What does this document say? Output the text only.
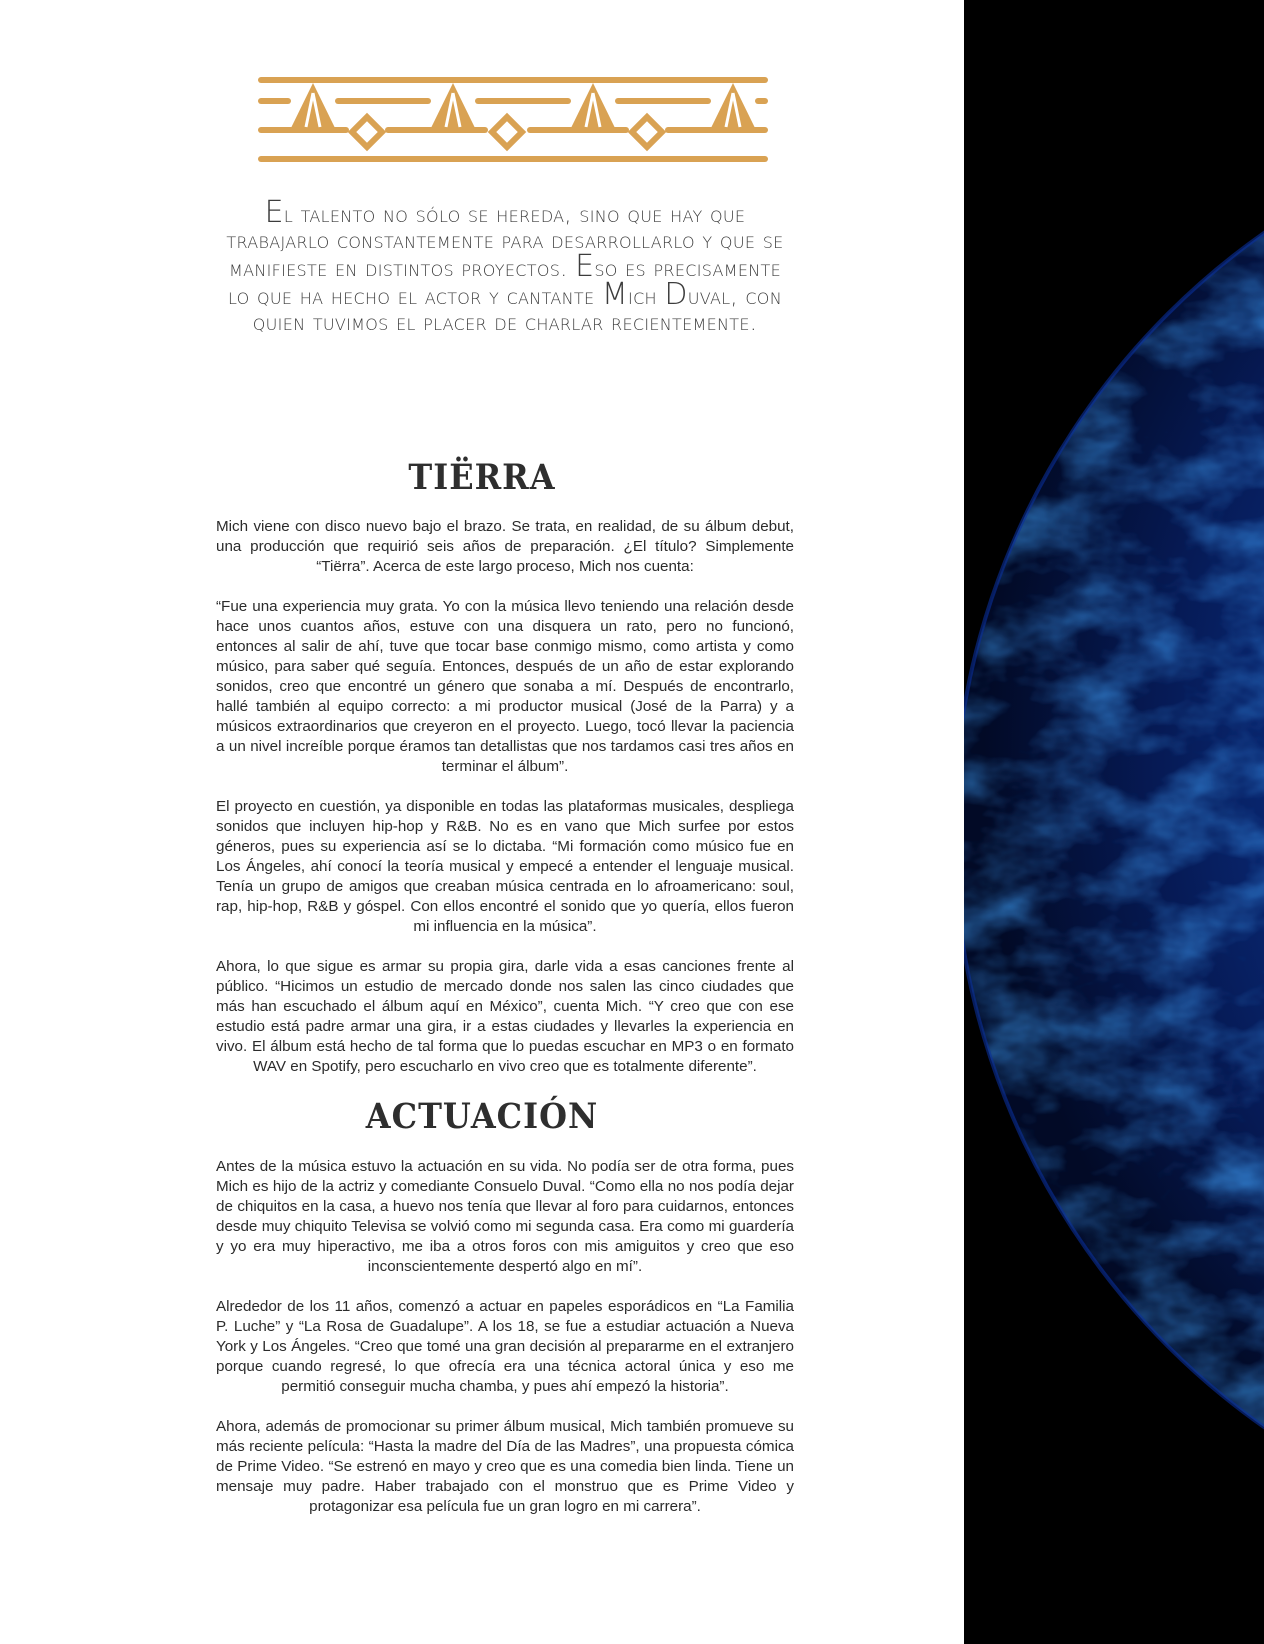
El talento no sólo se hereda, sino que hay que trabajarlo constantemente para desarrollarlo y que se manifieste en distintos proyectos. Eso es precisamente lo que ha hecho el actor y cantante Mich Duval, con quien tuvimos el placer de charlar recientemente.

TIËRRA

Mich viene con disco nuevo bajo el brazo. Se trata, en realidad, de su álbum debut, una producción que requirió seis años de preparación. ¿El título? Simplemente “Tiërra”. Acerca de este largo proceso, Mich nos cuenta:

“Fue una experiencia muy grata. Yo con la música llevo teniendo una relación desde hace unos cuantos años, estuve con una disquera un rato, pero no funcionó, entonces al salir de ahí, tuve que tocar base conmigo mismo, como artista y como músico, para saber qué seguía. Entonces, después de un año de estar explorando sonidos, creo que encontré un género que sonaba a mí. Después de encontrarlo, hallé también al equipo correcto: a mi productor musical (José de la Parra) y a músicos extraordinarios que creyeron en el proyecto. Luego, tocó llevar la paciencia a un nivel increíble porque éramos tan detallistas que nos tardamos casi tres años en terminar el álbum”.

El proyecto en cuestión, ya disponible en todas las plataformas musicales, despliega sonidos que incluyen hip-hop y R&B. No es en vano que Mich surfee por estos géneros, pues su experiencia así se lo dictaba. “Mi formación como músico fue en Los Ángeles, ahí conocí la teoría musical y empecé a entender el lenguaje musical. Tenía un grupo de amigos que creaban música centrada en lo afroamericano: soul, rap, hip-hop, R&B y góspel. Con ellos encontré el sonido que yo quería, ellos fueron mi influencia en la música”.

Ahora, lo que sigue es armar su propia gira, darle vida a esas canciones frente al público. “Hicimos un estudio de mercado donde nos salen las cinco ciudades que más han escuchado el álbum aquí en México”, cuenta Mich. “Y creo que con ese estudio está padre armar una gira, ir a estas ciudades y llevarles la experiencia en vivo. El álbum está hecho de tal forma que lo puedas escuchar en MP3 o en formato WAV en Spotify, pero escucharlo en vivo creo que es totalmente diferente”.

ACTUACIÓN

Antes de la música estuvo la actuación en su vida. No podía ser de otra forma, pues Mich es hijo de la actriz y comediante Consuelo Duval. “Como ella no nos podía dejar de chiquitos en la casa, a huevo nos tenía que llevar al foro para cuidarnos, entonces desde muy chiquito Televisa se volvió como mi segunda casa. Era como mi guardería y yo era muy hiperactivo, me iba a otros foros con mis amiguitos y creo que eso inconscientemente despertó algo en mí”.

Alrededor de los 11 años, comenzó a actuar en papeles esporádicos en “La Familia P. Luche” y “La Rosa de Guadalupe”. A los 18, se fue a estudiar actuación a Nueva York y Los Ángeles. “Creo que tomé una gran decisión al prepararme en el extranjero porque cuando regresé, lo que ofrecía era una técnica actoral única y eso me permitió conseguir mucha chamba, y pues ahí empezó la historia”.

Ahora, además de promocionar su primer álbum musical, Mich también promueve su más reciente película: “Hasta la madre del Día de las Madres”, una propuesta cómica de Prime Video. “Se estrenó en mayo y creo que es una comedia bien linda. Tiene un mensaje muy padre. Haber trabajado con el monstruo que es Prime Video y protagonizar esa película fue un gran logro en mi carrera”.
